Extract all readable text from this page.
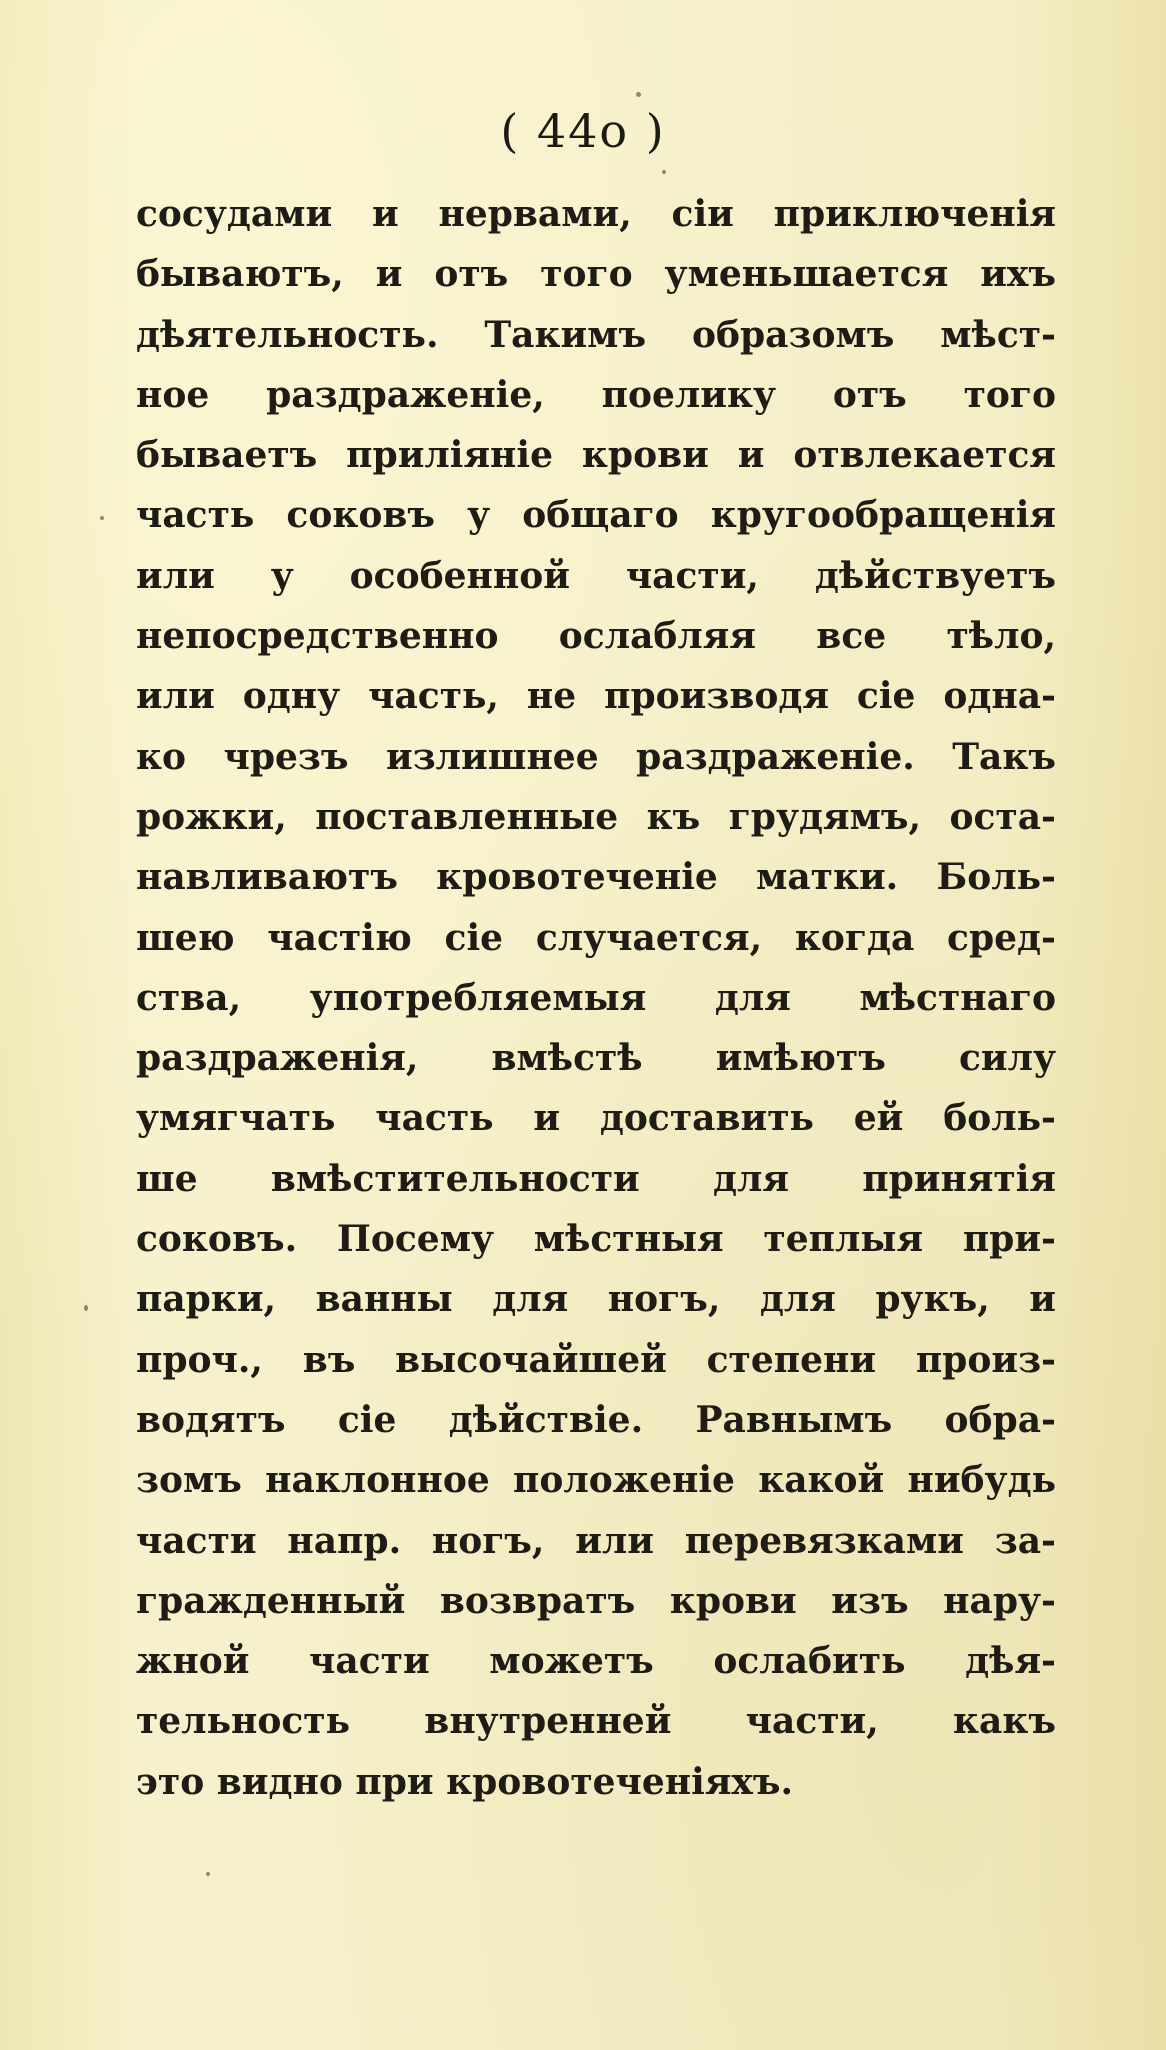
( 44o )
сосудами и нервами, сіи приключенія
бываютъ, и отъ того уменьшается ихъ
дѣятельность. Такимъ образомъ мѣст-
ное раздраженіе, поелику отъ того
бываетъ приліяніе крови и отвлекается
часть соковъ у общаго кругообращенія
или у особенной части, дѣйствуетъ
непосредственно ослабляя все тѣло,
или одну часть, не производя сіе одна-
ко чрезъ излишнее раздраженіе. Такъ
рожки, поставленные къ грудямъ, оста-
навливаютъ кровотеченіе матки. Боль-
шею частію сіе случается, когда сред-
ства, употребляемыя для мѣстнаго
раздраженія, вмѣстѣ имѣютъ силу
умягчать часть и доставить ей боль-
ше вмѣстительности для принятія
соковъ. Посему мѣстныя теплыя при-
парки, ванны для ногъ, для рукъ, и
проч., въ высочайшей степени произ-
водятъ сіе дѣйствіе. Равнымъ обра-
зомъ наклонное положеніе какой нибудь
части напр. ногъ, или перевязками за-
гражденный возвратъ крови изъ нару-
жной части можетъ ослабить дѣя-
тельность внутренней части, какъ
это видно при кровотеченіяхъ.
